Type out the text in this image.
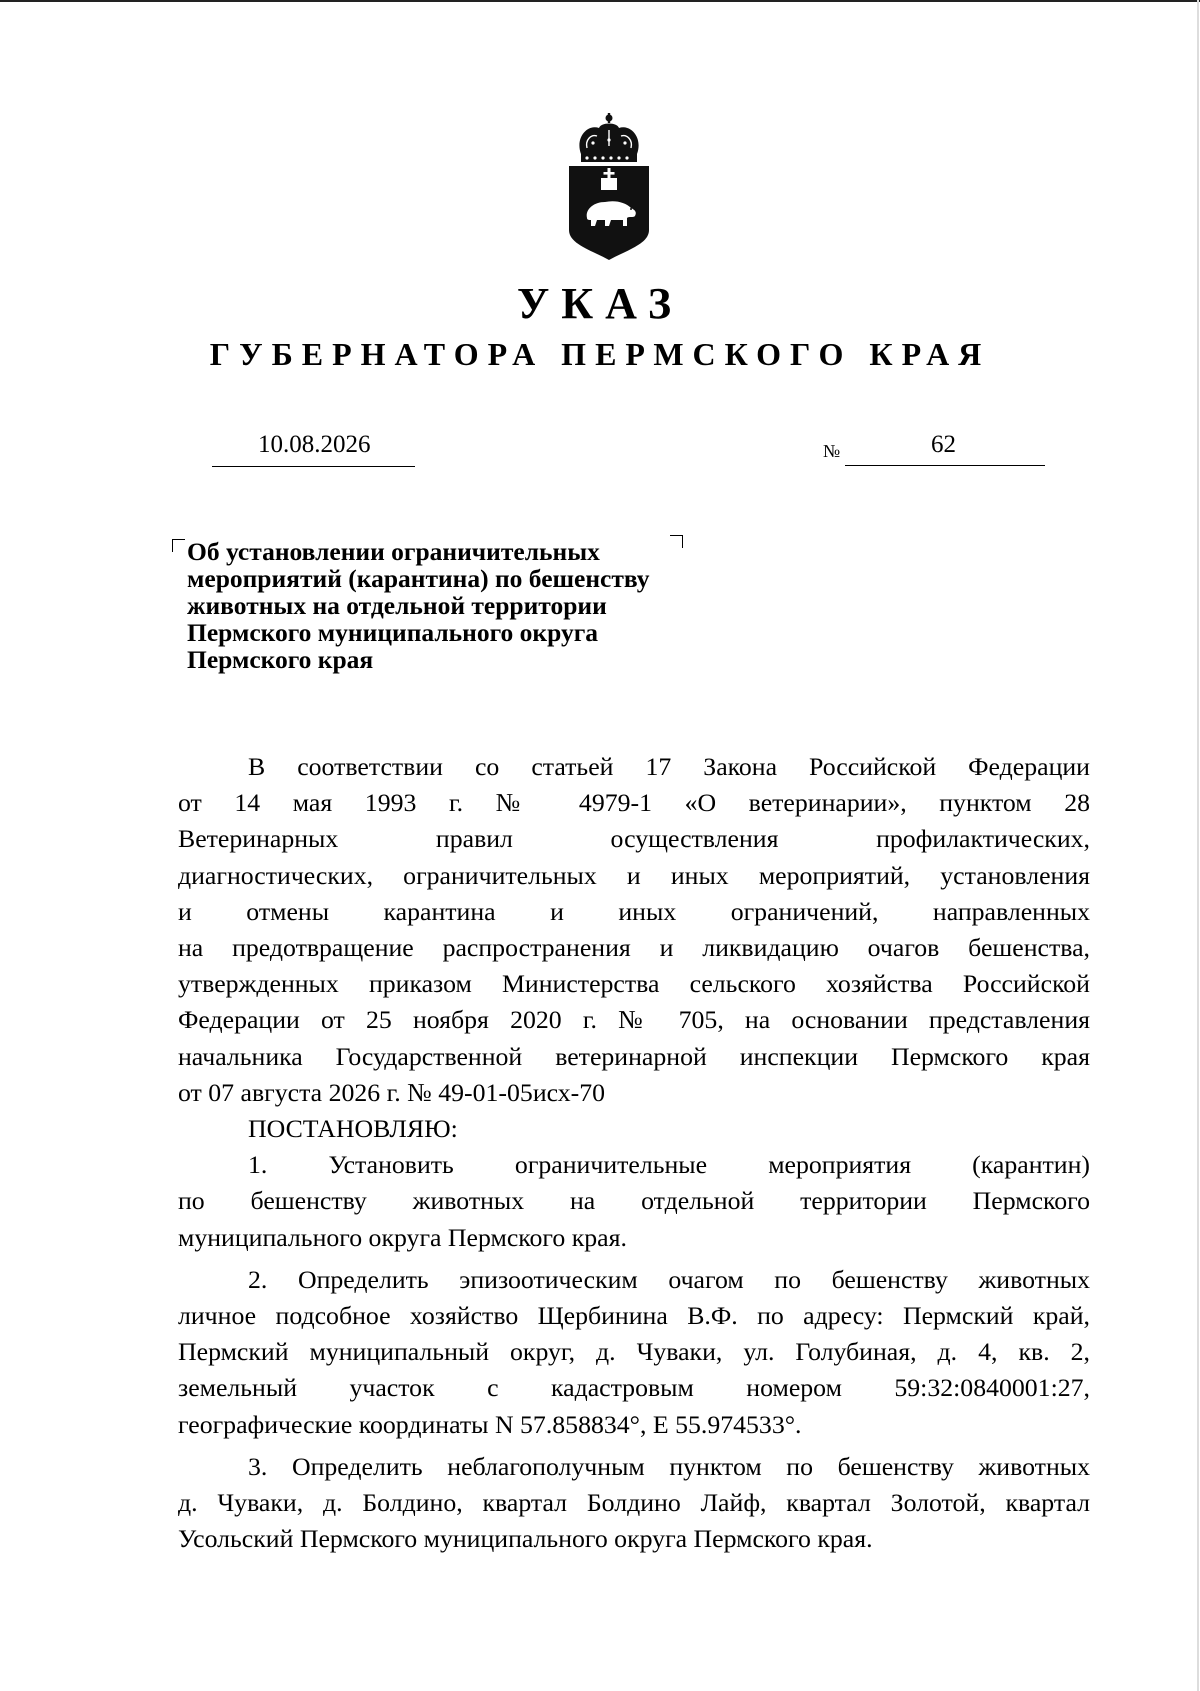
УКАЗ
ГУБЕРНАТОРА ПЕРМСКОГО КРАЯ
10.08.2026	№	62
Об установлении ограничительных
мероприятий (карантина) по бешенству
животных на отдельной территории
Пермского муниципального округа
Пермского края

В соответствии со статьей 17 Закона Российской Федерации

от 14 мая 1993 г. № 4979-1 «О ветеринарии», пунктом 28

Ветеринарных правил осуществления профилактических,

диагностических, ограничительных и иных мероприятий, установления

и отмены карантина и иных ограничений, направленных

на предотвращение распространения и ликвидацию очагов бешенства,

утвержденных приказом Министерства сельского хозяйства Российской

Федерации от 25 ноября 2020 г. № 705, на основании представления

начальника Государственной ветеринарной инспекции Пермского края

от 07 августа 2026 г. № 49-01-05исх-70

ПОСТАНОВЛЯЮ:

1. Установить ограничительные мероприятия (карантин)

по бешенству животных на отдельной территории Пермского

муниципального округа Пермского края.

2. Определить эпизоотическим очагом по бешенству животных

личное подсобное хозяйство Щербинина В.Ф. по адресу: Пермский край,

Пермский муниципальный округ, д. Чуваки, ул. Голубиная, д. 4, кв. 2,

земельный участок с кадастровым номером 59:32:0840001:27,

географические координаты N 57.858834°, E 55.974533°.

3. Определить неблагополучным пунктом по бешенству животных

д. Чуваки, д. Болдино, квартал Болдино Лайф, квартал Золотой, квартал

Усольский Пермского муниципального округа Пермского края.
